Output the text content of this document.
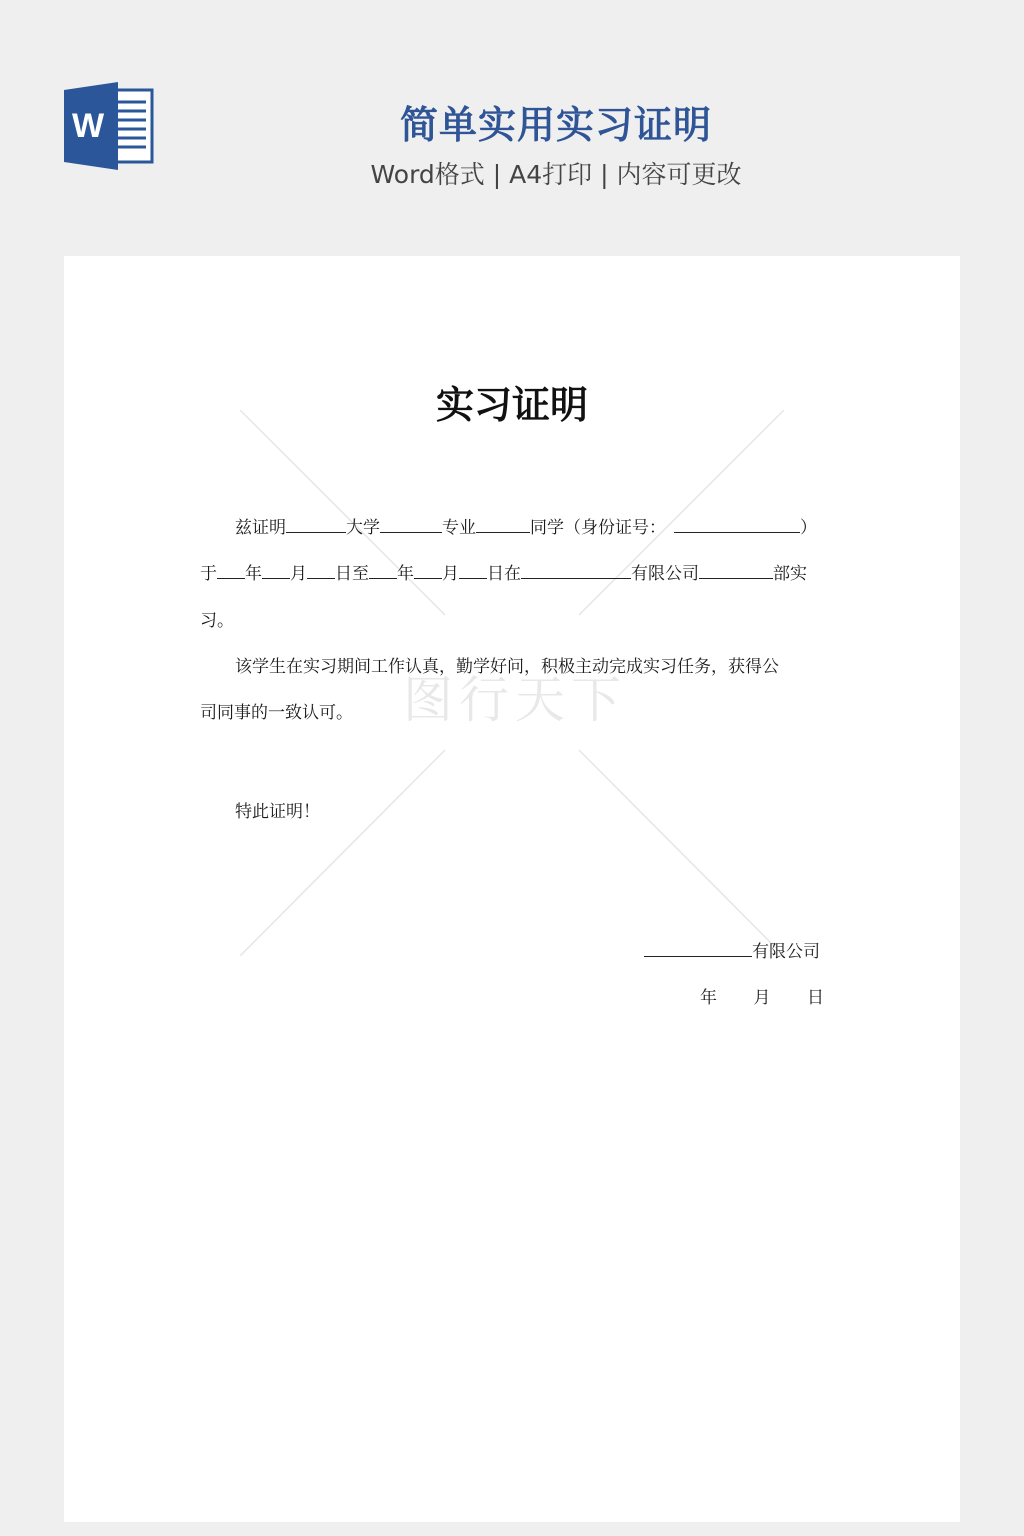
W	简单实用实习证明
Word格式 | A4打印 | 内容可更改
图行天下
实习证明
兹证明	大学	专业	同学（身份证号：	）
于 年 月 日至 年 月 日在	有限公司	部实
习。
该学生在实习期间工作认真，勤学好问，积极主动完成实习任务，获得公
司同事的一致认可。
特此证明！
有限公司
年 月 日
